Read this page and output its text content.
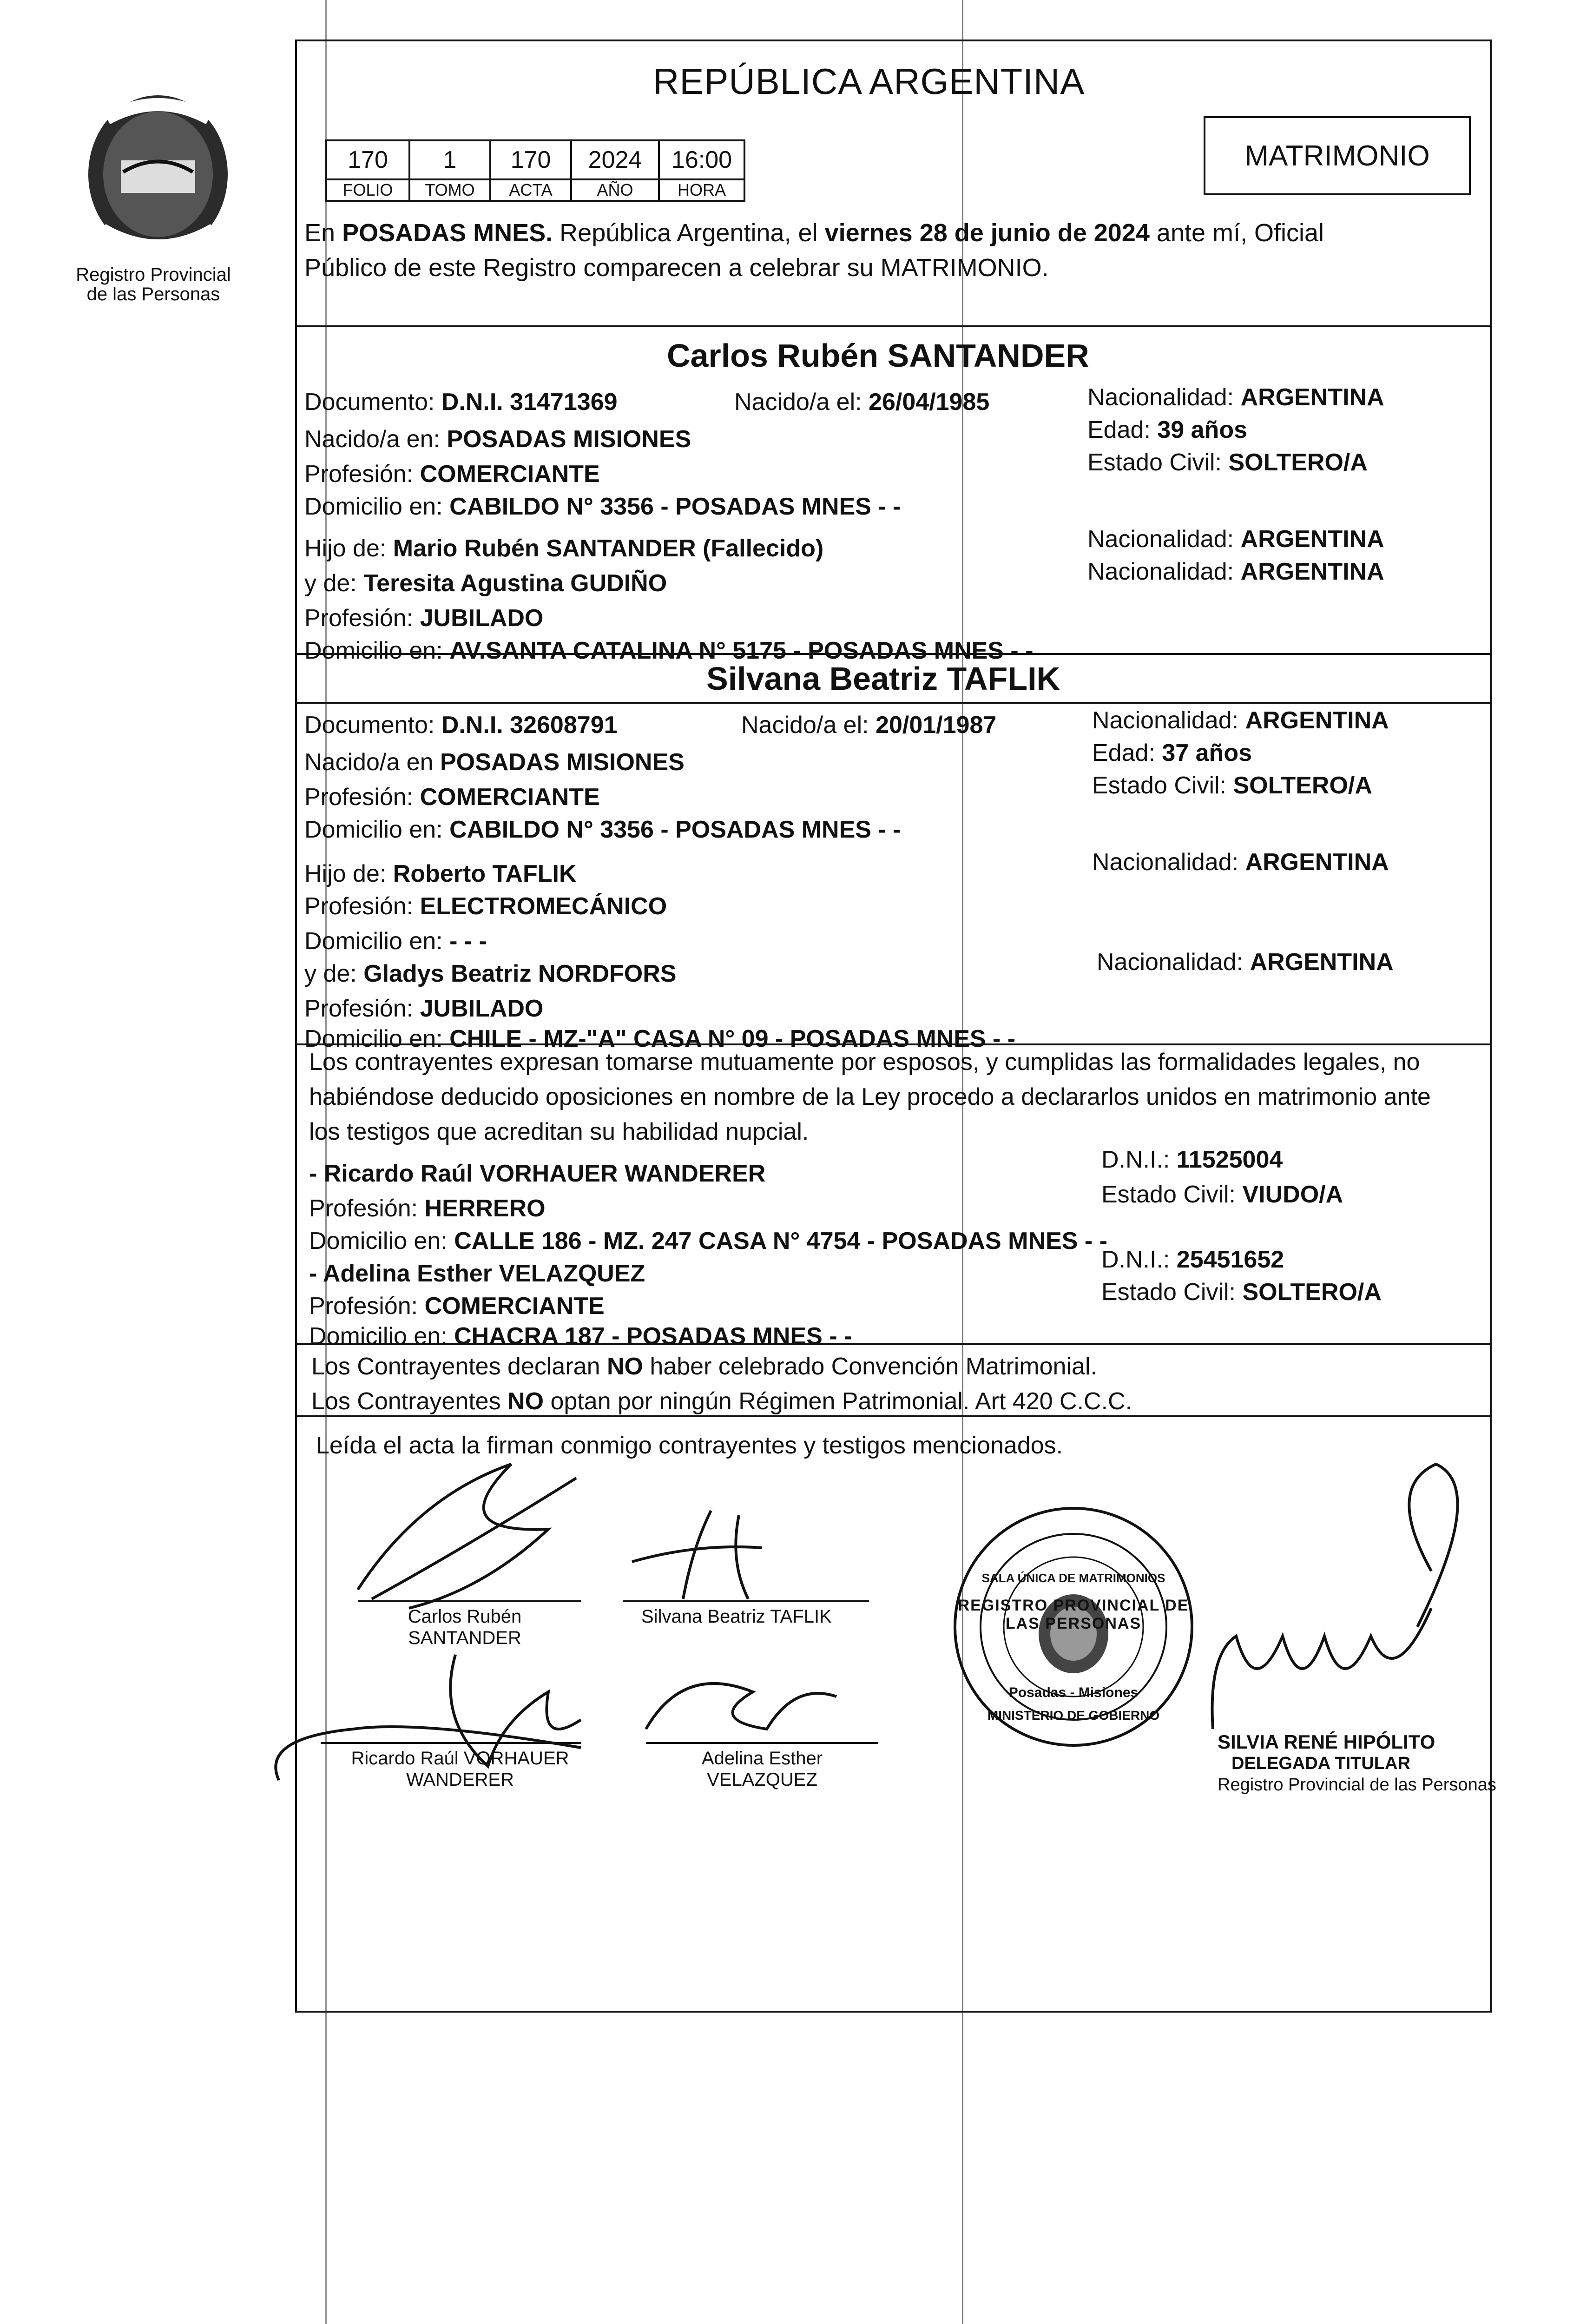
Registro Provincial de las Personas
REPÚBLICA ARGENTINA
170	1	170	2024	16:00
FOLIO	TOMO	ACTA	AÑO	HORA
MATRIMONIO
En POSADAS MNES. República Argentina, el viernes 28 de junio de 2024 ante mí, Oficial
Público de este Registro comparecen a celebrar su MATRIMONIO.
Carlos Rubén SANTANDER
Documento: D.N.I. 31471369	Nacido/a el: 26/04/1985	Nacionalidad: ARGENTINA
Nacido/a en: POSADAS MISIONES	Edad: 39 años
Profesión: COMERCIANTE	Estado Civil: SOLTERO/A
Domicilio en: CABILDO N° 3356 - POSADAS MNES - -
Hijo de: Mario Rubén SANTANDER (Fallecido)	Nacionalidad: ARGENTINA
y de: Teresita Agustina GUDIÑO	Nacionalidad: ARGENTINA
Profesión: JUBILADO
Domicilio en: AV.SANTA CATALINA N° 5175 - POSADAS MNES - -
Silvana Beatriz TAFLIK
Documento: D.N.I. 32608791	Nacido/a el: 20/01/1987	Nacionalidad: ARGENTINA
Nacido/a en POSADAS MISIONES	Edad: 37 años
Profesión: COMERCIANTE	Estado Civil: SOLTERO/A
Domicilio en: CABILDO N° 3356 - POSADAS MNES - -
Hijo de: Roberto TAFLIK	Nacionalidad: ARGENTINA
Profesión: ELECTROMECÁNICO
Domicilio en: - - -
y de: Gladys Beatriz NORDFORS	Nacionalidad: ARGENTINA
Profesión: JUBILADO
Domicilio en: CHILE - MZ-"A" CASA N° 09 - POSADAS MNES - -
Los contrayentes expresan tomarse mutuamente por esposos, y cumplidas las formalidades legales, no
habiéndose deducido oposiciones en nombre de la Ley procedo a declararlos unidos en matrimonio ante
los testigos que acreditan su habilidad nupcial.
- Ricardo Raúl VORHAUER WANDERER
D.N.I.: 11525004
Profesión: HERRERO
Estado Civil: VIUDO/A
Domicilio en: CALLE 186 - MZ. 247 CASA N° 4754 - POSADAS MNES - -
- Adelina Esther VELAZQUEZ
D.N.I.: 25451652
Profesión: COMERCIANTE
Estado Civil: SOLTERO/A
Domicilio en: CHACRA 187 - POSADAS MNES - -
Los Contrayentes declaran NO haber celebrado Convención Matrimonial.
Los Contrayentes NO optan por ningún Régimen Patrimonial. Art 420 C.C.C.
Leída el acta la firman conmigo contrayentes y testigos mencionados.
Carlos Rubén
SANTANDER
Silvana Beatriz TAFLIK
Ricardo Raúl VORHAUER
WANDERER
Adelina Esther
VELAZQUEZ
REGISTRO PROVINCIAL DE LAS PERSONAS
SALA ÚNICA DE MATRIMONIOS
Posadas - Misiones
MINISTERIO DE GOBIERNO
SILVIA RENÉ HIPÓLITO
DELEGADA TITULAR
Registro Provincial de las Personas
